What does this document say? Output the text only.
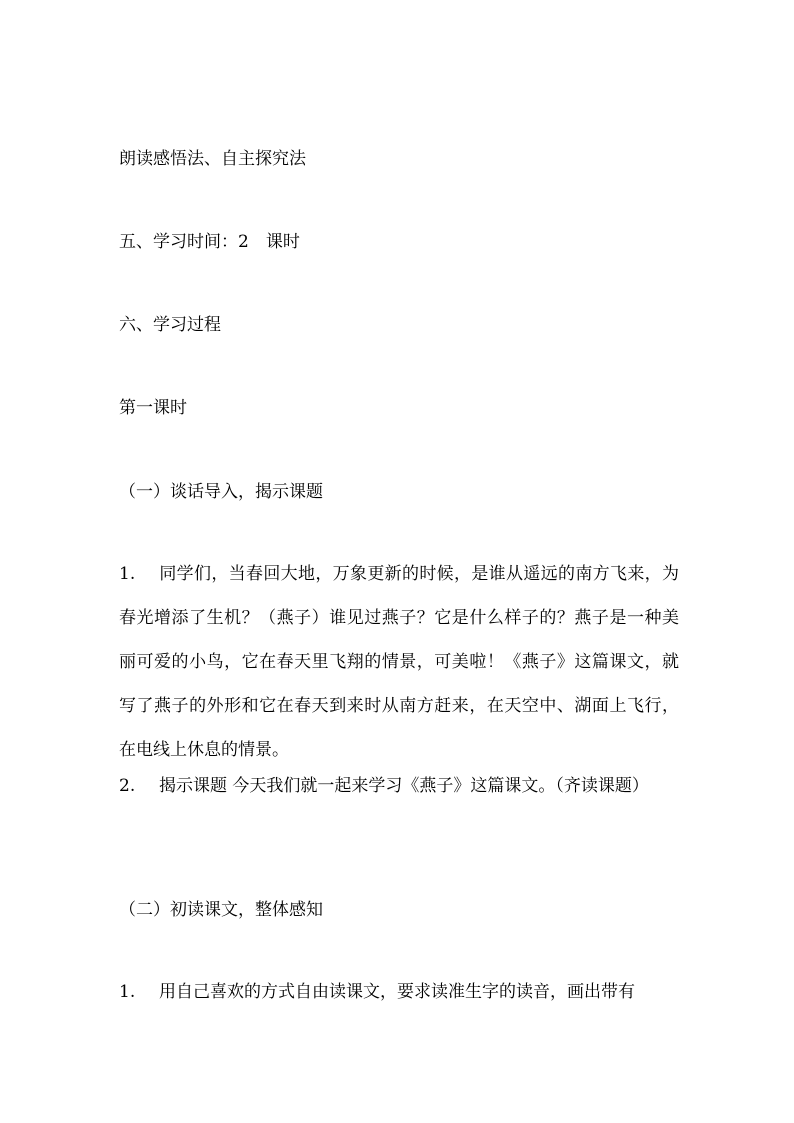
朗读感悟法、自主探究法

五、学习时间：2　课时

六、学习过程

第一课时

（一）谈话导入，揭示课题

1. 同学们，当春回大地，万象更新的时候，是谁从遥远的南方飞来，为春光增添了生机？（燕子）谁见过燕子？它是什么样子的？燕子是一种美丽可爱的小鸟，它在春天里飞翔的情景，可美啦！《燕子》这篇课文，就写了燕子的外形和它在春天到来时从南方赶来，在天空中、湖面上飞行，在电线上休息的情景。

2. 揭示课题 今天我们就一起来学习《燕子》这篇课文。（齐读课题）

（二）初读课文，整体感知

1. 用自己喜欢的方式自由读课文，要求读准生字的读音，画出带有
